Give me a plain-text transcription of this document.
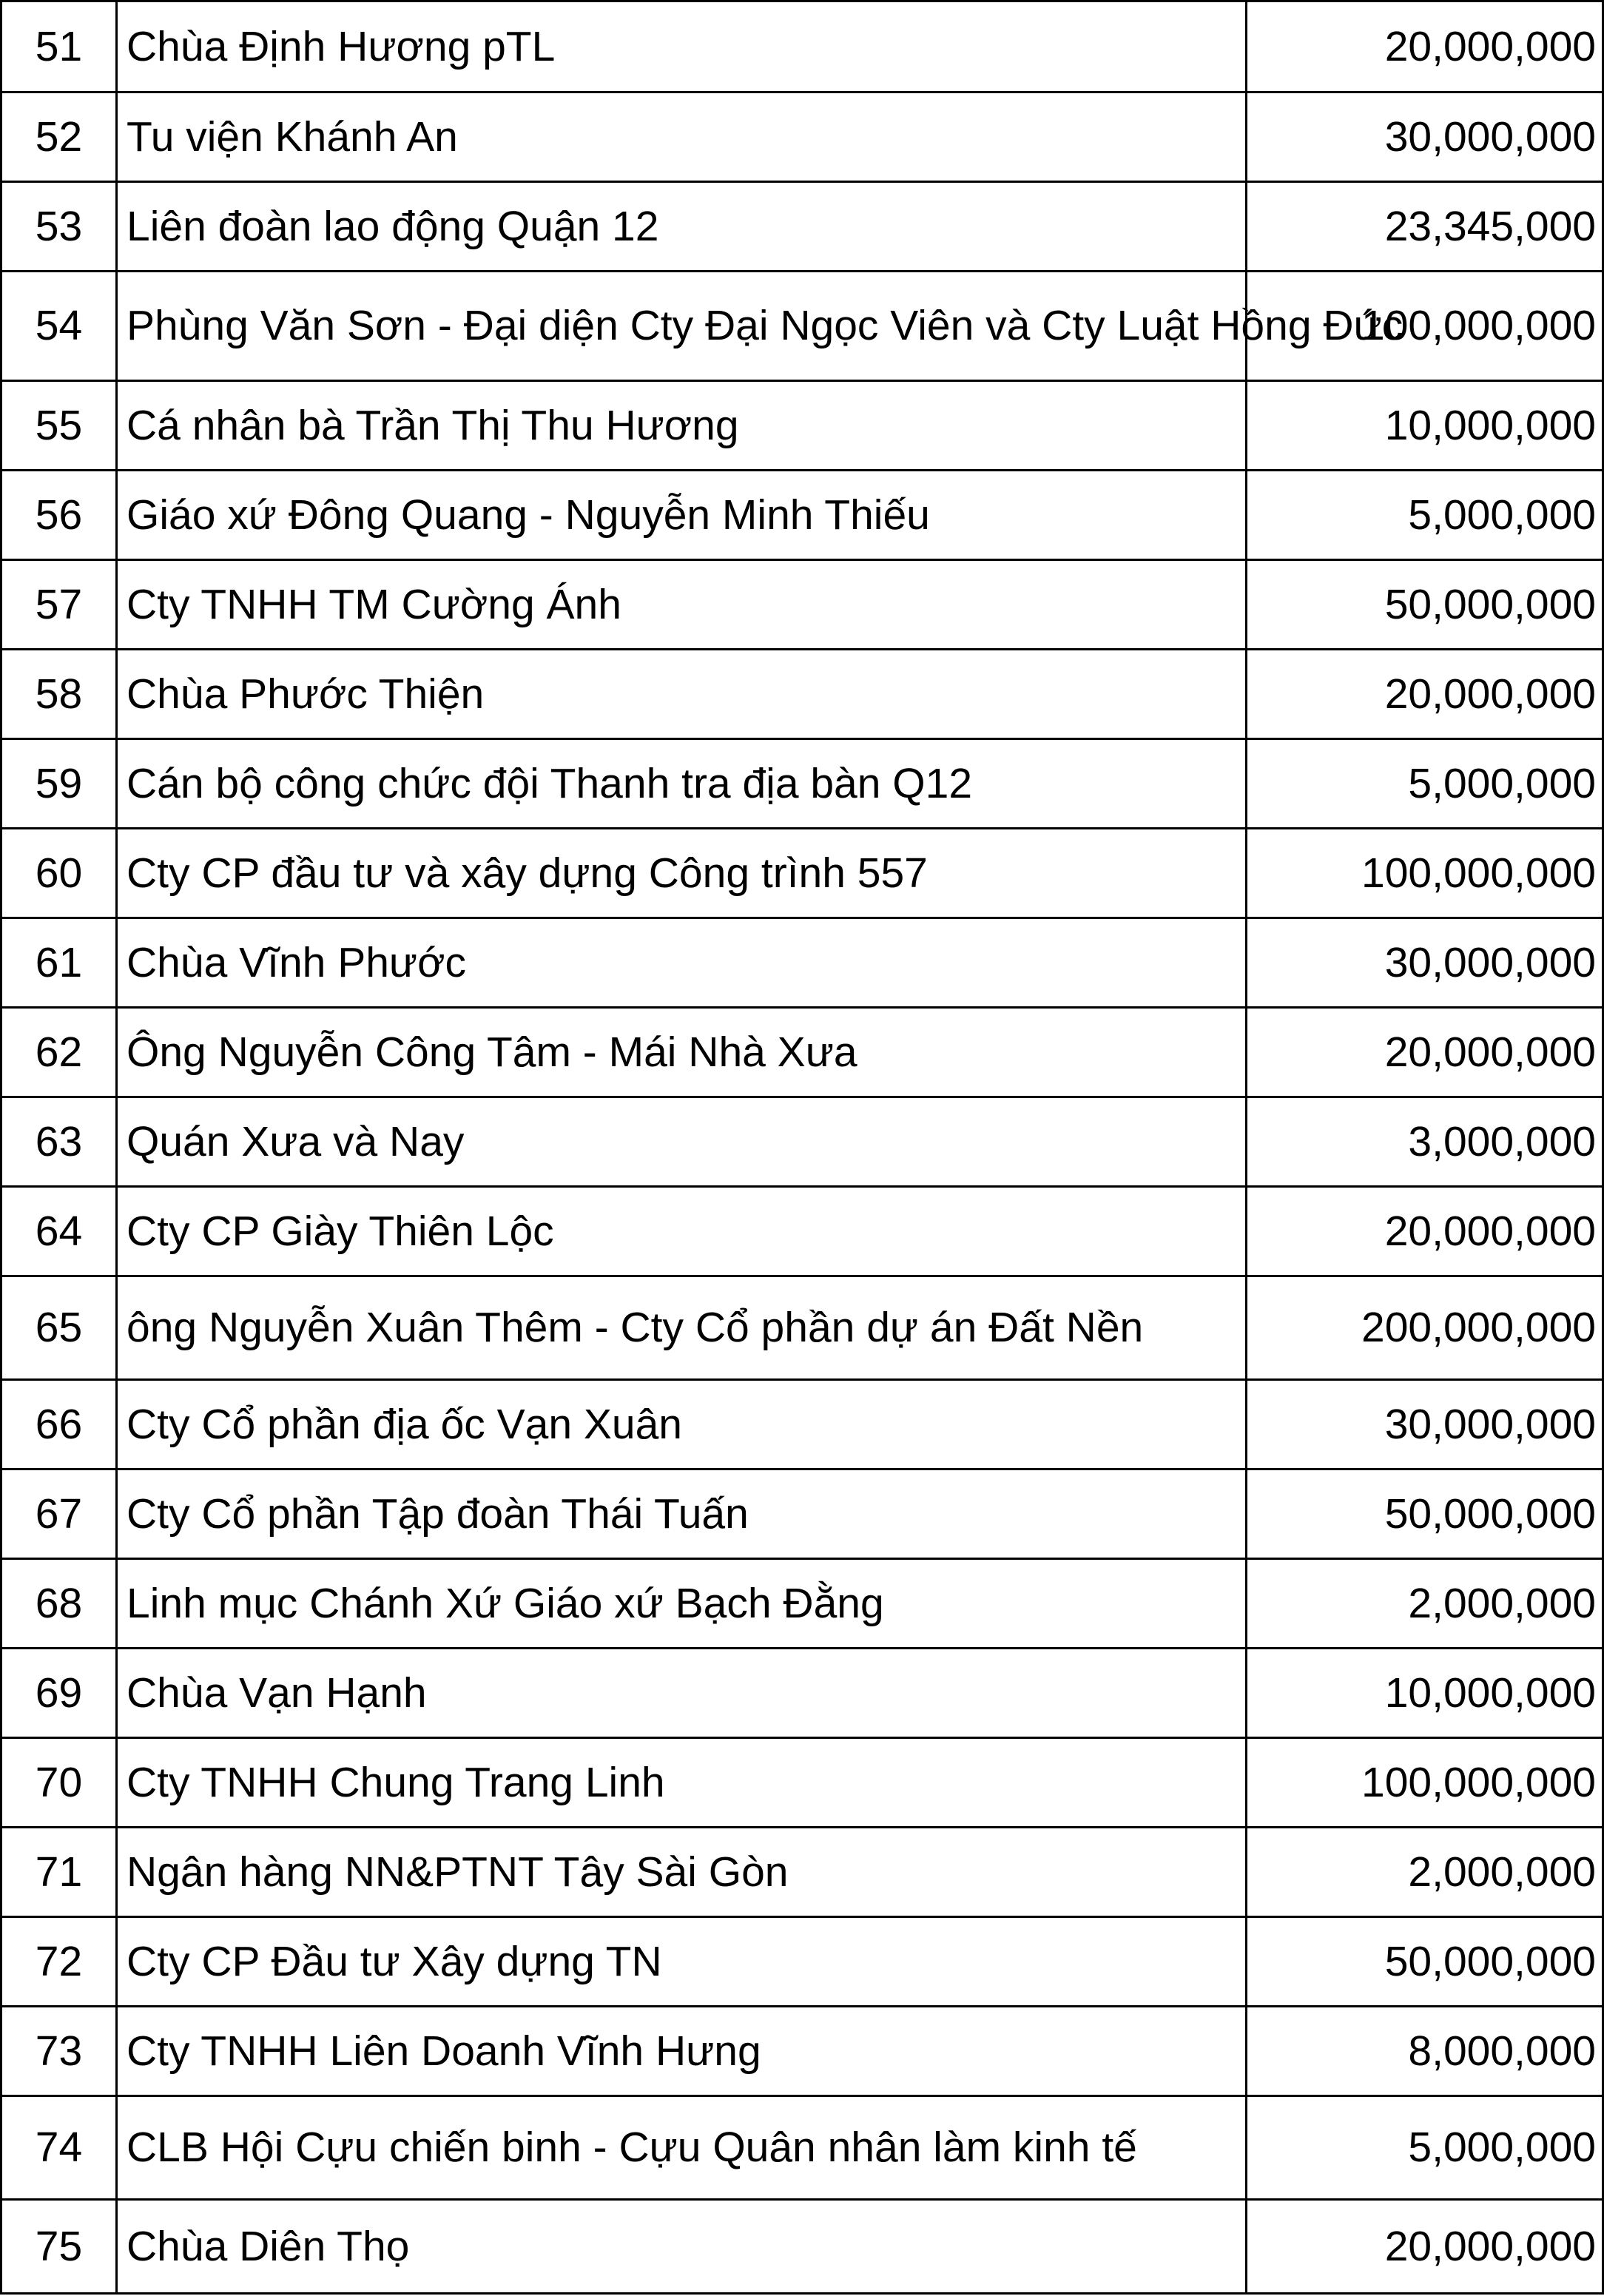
51	Chùa Định Hương pTL	20,000,000
52	Tu viện Khánh An	30,000,000
53	Liên đoàn lao động Quận 12	23,345,000
54	Phùng Văn Sơn - Đại diện Cty Đại Ngọc Viên và Cty Luật Hồng Đức	100,000,000
55	Cá nhân bà Trần Thị Thu Hương	10,000,000
56	Giáo xứ Đông Quang - Nguyễn Minh Thiếu	5,000,000
57	Cty TNHH TM Cường Ánh	50,000,000
58	Chùa Phước Thiện	20,000,000
59	Cán bộ công chức đội Thanh tra địa bàn Q12	5,000,000
60	Cty CP đầu tư và xây dựng Công trình 557	100,000,000
61	Chùa Vĩnh Phước	30,000,000
62	Ông Nguyễn Công Tâm - Mái Nhà Xưa	20,000,000
63	Quán Xưa và Nay	3,000,000
64	Cty CP Giày Thiên Lộc	20,000,000
65	ông Nguyễn Xuân Thêm - Cty Cổ phần dự án Đất Nền	200,000,000
66	Cty Cổ phần địa ốc Vạn Xuân	30,000,000
67	Cty Cổ phần Tập đoàn Thái Tuấn	50,000,000
68	Linh mục Chánh Xứ Giáo xứ Bạch Đằng	2,000,000
69	Chùa Vạn Hạnh	10,000,000
70	Cty TNHH Chung Trang Linh	100,000,000
71	Ngân hàng NN&PTNT Tây Sài Gòn	2,000,000
72	Cty CP Đầu tư Xây dựng TN	50,000,000
73	Cty TNHH Liên Doanh Vĩnh Hưng	8,000,000
74	CLB Hội Cựu chiến binh - Cựu Quân nhân làm kinh tế	5,000,000
75	Chùa Diên Thọ	20,000,000
